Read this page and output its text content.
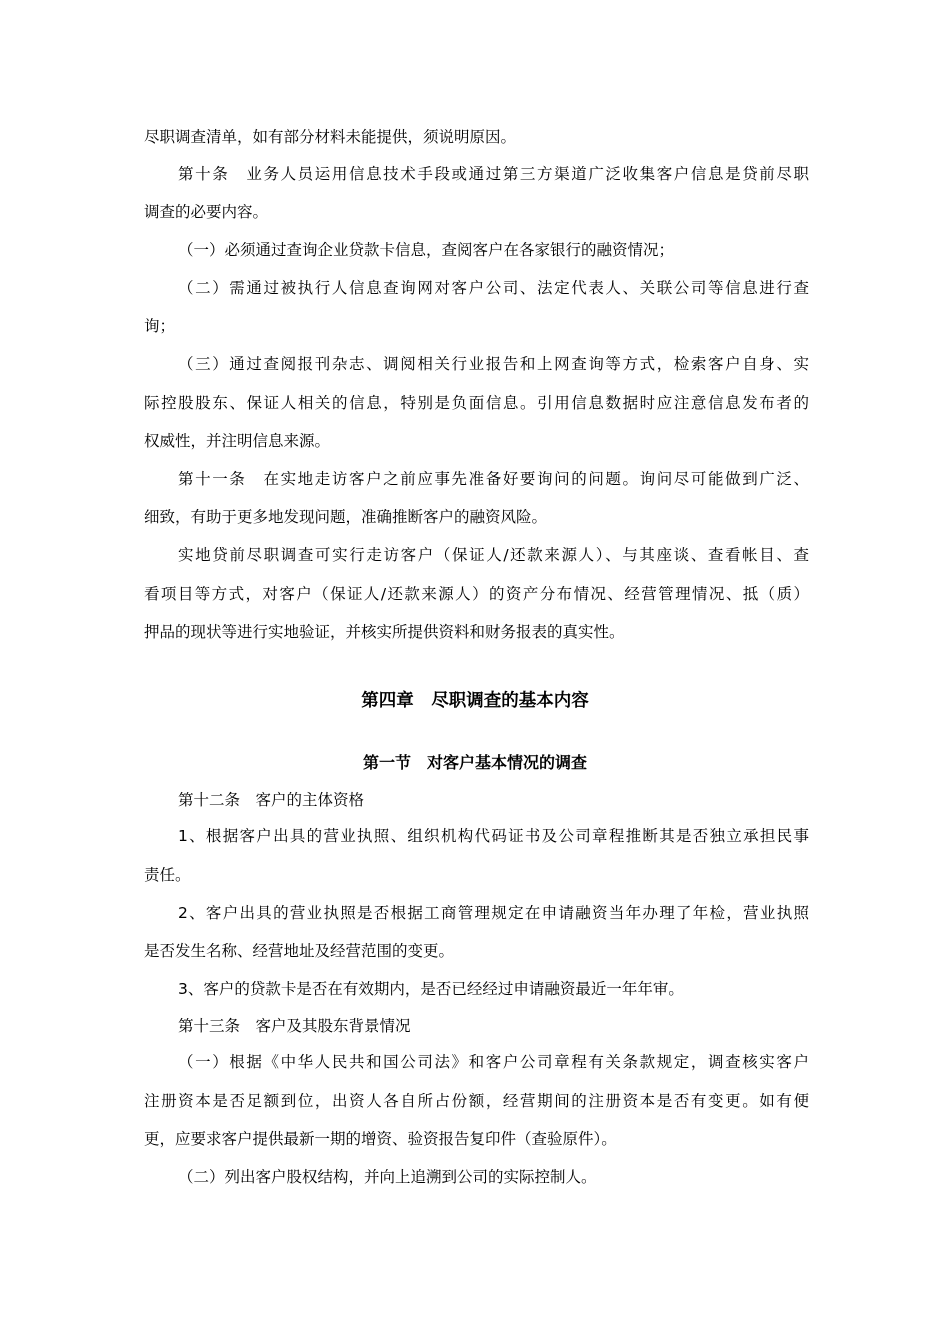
尽职调查清单，如有部分材料未能提供，须说明原因。
第十条　业务人员运用信息技术手段或通过第三方渠道广泛收集客户信息是贷前尽职
调查的必要内容。
（一）必须通过查询企业贷款卡信息，查阅客户在各家银行的融资情况；
（二）需通过被执行人信息查询网对客户公司、法定代表人、关联公司等信息进行查
询；
（三）通过查阅报刊杂志、调阅相关行业报告和上网查询等方式，检索客户自身、实
际控股股东、保证人相关的信息，特别是负面信息。引用信息数据时应注意信息发布者的
权威性，并注明信息来源。
第十一条　在实地走访客户之前应事先准备好要询问的问题。询问尽可能做到广泛、
细致，有助于更多地发现问题，准确推断客户的融资风险。
实地贷前尽职调查可实行走访客户（保证人/还款来源人）、与其座谈、查看帐目、查
看项目等方式，对客户（保证人/还款来源人）的资产分布情况、经营管理情况、抵（质）
押品的现状等进行实地验证，并核实所提供资料和财务报表的真实性。
第四章　尽职调查的基本内容
第一节　对客户基本情况的调查
第十二条　客户的主体资格
1、根据客户出具的营业执照、组织机构代码证书及公司章程推断其是否独立承担民事
责任。
2、客户出具的营业执照是否根据工商管理规定在申请融资当年办理了年检，营业执照
是否发生名称、经营地址及经营范围的变更。
3、客户的贷款卡是否在有效期内，是否已经经过申请融资最近一年年审。
第十三条　客户及其股东背景情况
（一）根据《中华人民共和国公司法》和客户公司章程有关条款规定，调查核实客户
注册资本是否足额到位，出资人各自所占份额，经营期间的注册资本是否有变更。如有便
更，应要求客户提供最新一期的增资、验资报告复印件（查验原件）。
（二）列出客户股权结构，并向上追溯到公司的实际控制人。
